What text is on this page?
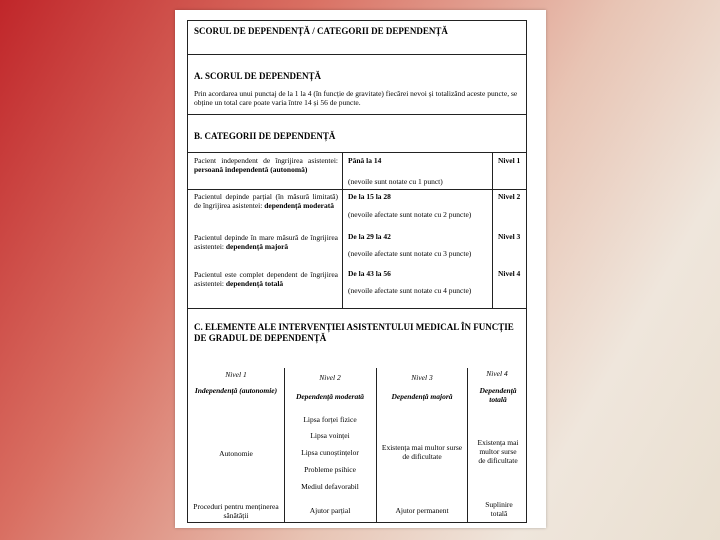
SCORUL DE DEPENDENȚĂ / CATEGORII DE DEPENDENȚĂ
A. SCORUL DE DEPENDENȚĂ
Prin acordarea unui punctaj de la 1 la 4 (în funcție de gravitate) fiecărei nevoi și totalizând aceste puncte, se obține un total care poate varia între 14 și 56 de puncte.
B. CATEGORII DE DEPENDENȚĂ
Pacient independent de îngrijirea asistentei: persoană independentă (autonomă)
Până la 14
(nevoile sunt notate cu 1 punct)
Nivel 1
Pacientul depinde parțial (în măsură limitată) de îngrijirea asistentei: dependență moderată
De la 15 la 28
(nevoile afectate sunt notate cu 2 puncte)
Nivel 2
Pacientul depinde în mare măsură de îngrijirea asistentei: dependență majoră
De la 29 la 42
(nevoile afectate sunt notate cu 3 puncte)
Nivel 3
Pacientul este complet dependent de îngrijirea asistentei: dependență totală
De la 43 la 56
(nevoile afectate sunt notate cu 4 puncte)
Nivel 4
C. ELEMENTE ALE INTERVENȚIEI ASISTENTULUI MEDICAL ÎN FUNCȚIE DE GRADUL DE DEPENDENȚĂ
Nivel 1
Independență (autonomie)
Nivel 2
Dependență moderată
Nivel 3
Dependență majoră
Nivel 4
Dependență totală
Autonomie
Lipsa forței fizice
Lipsa voinței
Lipsa cunoștințelor
Probleme psihice
Mediul defavorabil
Existența mai multor surse de dificultate
Existența mai multor surse de dificultate
Proceduri pentru menținerea sănătății
Ajutor parțial	Ajutor permanent
Suplinire totală
